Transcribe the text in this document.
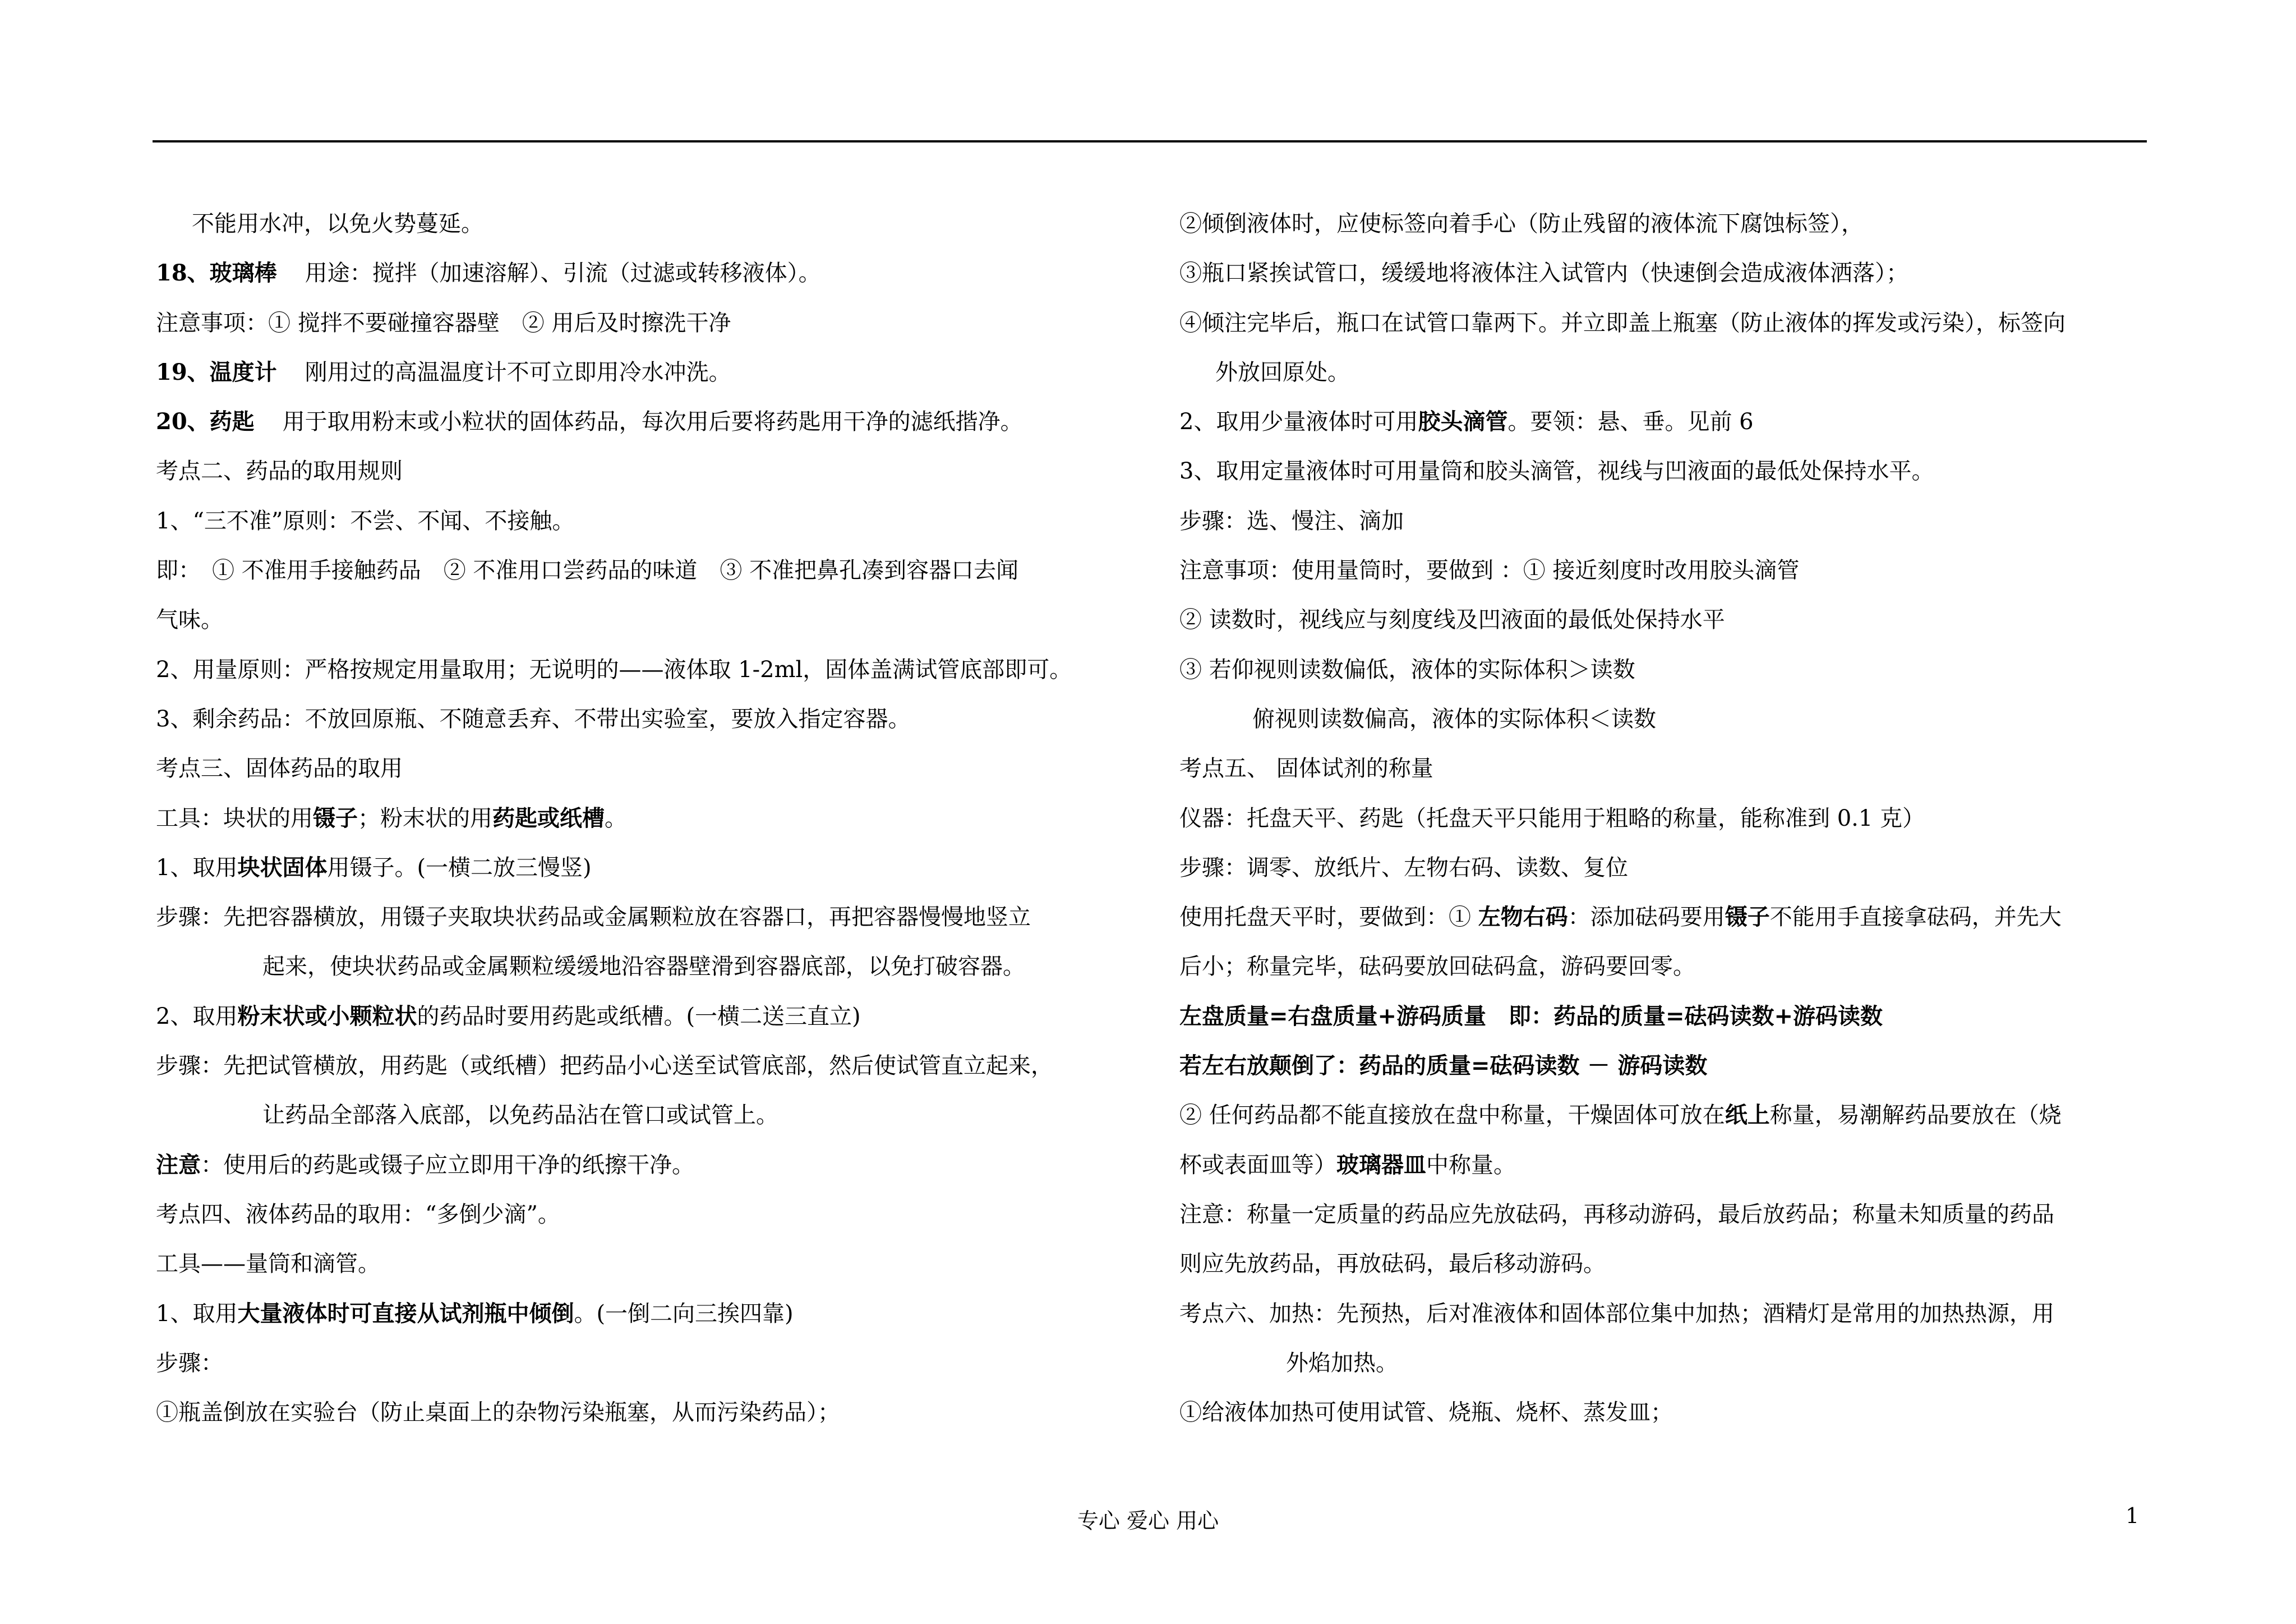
不能用水冲，以免火势蔓延。
18、玻璃棒 用途：搅拌（加速溶解）、引流（过滤或转移液体）。
注意事项：① 搅拌不要碰撞容器壁　② 用后及时擦洗干净
19、温度计 刚用过的高温温度计不可立即用冷水冲洗。
20、药匙 用于取用粉末或小粒状的固体药品，每次用后要将药匙用干净的滤纸揩净。
考点二、药品的取用规则
1、“三不准”原则：不尝、不闻、不接触。
即：　① 不准用手接触药品　② 不准用口尝药品的味道　③ 不准把鼻孔凑到容器口去闻
气味。
2、用量原则：严格按规定用量取用；无说明的——液体取 1-2ml，固体盖满试管底部即可。
3、剩余药品：不放回原瓶、不随意丢弃、不带出实验室，要放入指定容器。
考点三、固体药品的取用
工具：块状的用镊子；粉末状的用药匙或纸槽。
1、取用块状固体用镊子。(一横二放三慢竖)
步骤：先把容器横放，用镊子夹取块状药品或金属颗粒放在容器口，再把容器慢慢地竖立
起来，使块状药品或金属颗粒缓缓地沿容器壁滑到容器底部，以免打破容器。
2、取用粉末状或小颗粒状的药品时要用药匙或纸槽。(一横二送三直立)
步骤：先把试管横放，用药匙（或纸槽）把药品小心送至试管底部，然后使试管直立起来，
让药品全部落入底部，以免药品沾在管口或试管上。
注意：使用后的药匙或镊子应立即用干净的纸擦干净。
考点四、液体药品的取用：“多倒少滴”。
工具——量筒和滴管。
1、取用大量液体时可直接从试剂瓶中倾倒。(一倒二向三挨四靠)
步骤：
①瓶盖倒放在实验台（防止桌面上的杂物污染瓶塞，从而污染药品）；
②倾倒液体时，应使标签向着手心（防止残留的液体流下腐蚀标签），
③瓶口紧挨试管口，缓缓地将液体注入试管内（快速倒会造成液体洒落）；
④倾注完毕后，瓶口在试管口靠两下。并立即盖上瓶塞（防止液体的挥发或污染），标签向
外放回原处。
2、取用少量液体时可用胶头滴管。要领：悬、垂。见前 6
3、取用定量液体时可用量筒和胶头滴管，视线与凹液面的最低处保持水平。
步骤：选、慢注、滴加
注意事项：使用量筒时，要做到 ：① 接近刻度时改用胶头滴管
② 读数时，视线应与刻度线及凹液面的最低处保持水平
③ 若仰视则读数偏低，液体的实际体积＞读数
俯视则读数偏高，液体的实际体积＜读数
考点五、 固体试剂的称量
仪器：托盘天平、药匙（托盘天平只能用于粗略的称量，能称准到 0.1 克）
步骤：调零、放纸片、左物右码、读数、复位
使用托盘天平时，要做到：① 左物右码：添加砝码要用镊子不能用手直接拿砝码，并先大
后小；称量完毕，砝码要放回砝码盒，游码要回零。
左盘质量=右盘质量+游码质量　即：药品的质量=砝码读数+游码读数
若左右放颠倒了：药品的质量=砝码读数 － 游码读数
② 任何药品都不能直接放在盘中称量，干燥固体可放在纸上称量，易潮解药品要放在（烧
杯或表面皿等）玻璃器皿中称量。
注意：称量一定质量的药品应先放砝码，再移动游码，最后放药品；称量未知质量的药品
则应先放药品，再放砝码，最后移动游码。
考点六、加热：先预热，后对准液体和固体部位集中加热；酒精灯是常用的加热热源，用
外焰加热。
①给液体加热可使用试管、烧瓶、烧杯、蒸发皿；
专心 爱心 用心	1
